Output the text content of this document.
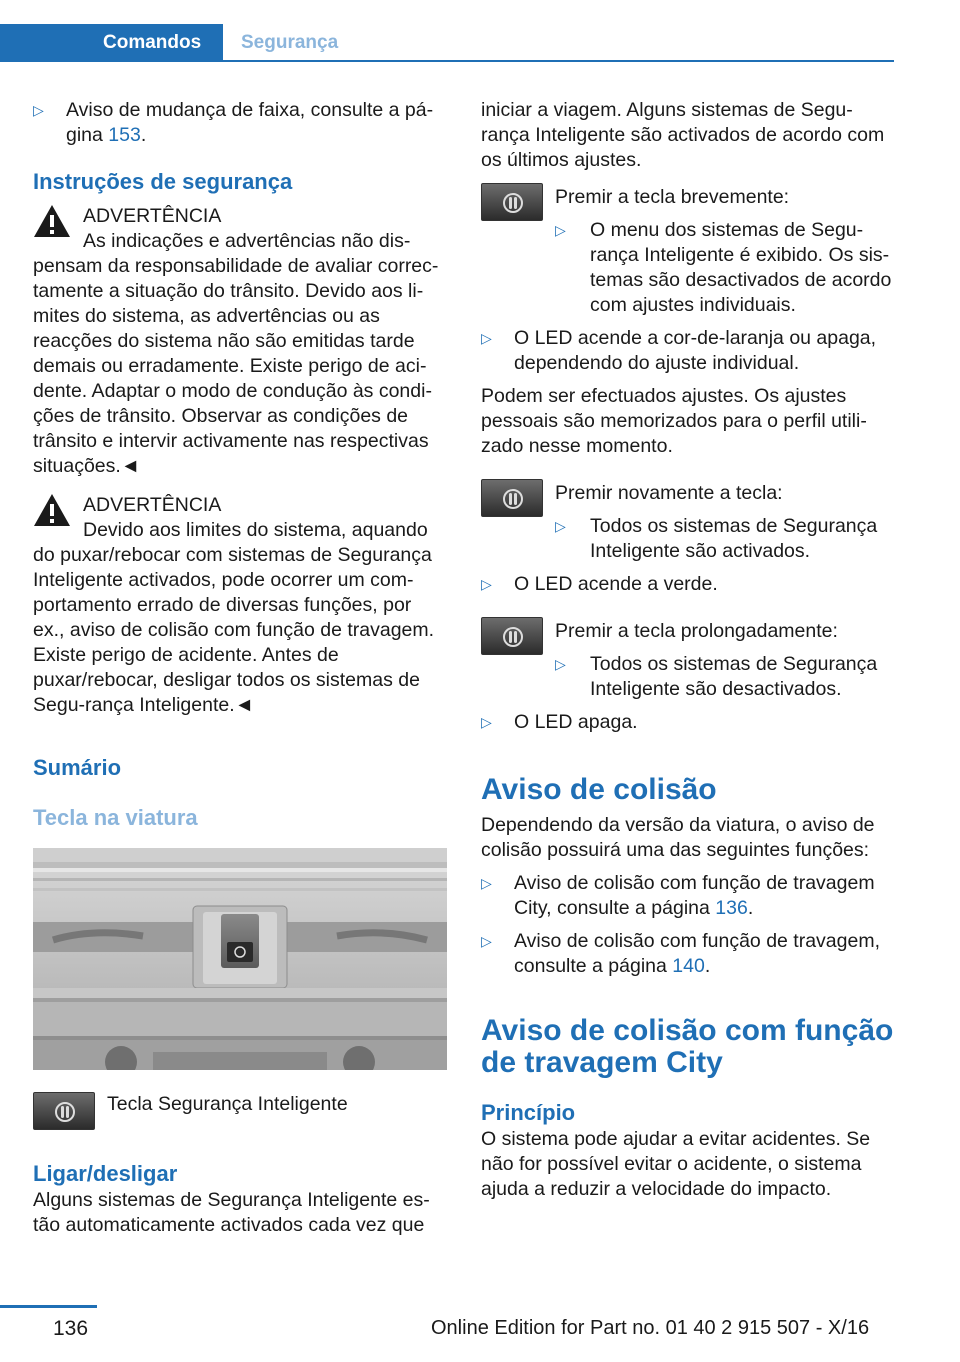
Comandos	Segurança

▷ Aviso de mudança de faixa, consulte a pá-gina 153.

Instruções de segurança
ADVERTÊNCIA

As indicações e advertências não dis-pensam da responsabilidade de avaliar correc-tamente a situação do trânsito. Devido aos li-mites do sistema, as advertências ou as reacções do sistema não são emitidas tarde demais ou erradamente. Existe perigo de aci-dente. Adaptar o modo de condução às condi-ções de trânsito. Observar as condições de trânsito e intervir activamente nas respectivas situações.◄

ADVERTÊNCIA

Devido aos limites do sistema, aquando do puxar/rebocar com sistemas de Segurança Inteligente activados, pode ocorrer um com-portamento errado de diversas funções, por ex., aviso de colisão com função de travagem. Existe perigo de acidente. Antes de puxar/rebocar, desligar todos os sistemas de Segu-rança Inteligente.◄

Sumário
Tecla na viatura

Tecla Segurança Inteligente

Ligar/desligar

Alguns sistemas de Segurança Inteligente es-tão automaticamente activados cada vez que

iniciar a viagem. Alguns sistemas de Segu-rança Inteligente são activados de acordo com os últimos ajustes.

Premir a tecla brevemente:

▷ O menu dos sistemas de Segu-rança Inteligente é exibido. Os sis-temas são desactivados de acordo com ajustes individuais.

▷ O LED acende a cor-de-laranja ou apaga, dependendo do ajuste individual.

Podem ser efectuados ajustes. Os ajustes pessoais são memorizados para o perfil utili-zado nesse momento.

Premir novamente a tecla:

▷ Todos os sistemas de Segurança Inteligente são activados.

▷ O LED acende a verde.

Premir a tecla prolongadamente:

▷ Todos os sistemas de Segurança Inteligente são desactivados.

▷ O LED apaga.

Aviso de colisão

Dependendo da versão da viatura, o aviso de colisão possuirá uma das seguintes funções:

▷ Aviso de colisão com função de travagem City, consulte a página 136.

▷ Aviso de colisão com função de travagem, consulte a página 140.

Aviso de colisão com função de travagem City
Princípio

O sistema pode ajudar a evitar acidentes. Se não for possível evitar o acidente, o sistema ajuda a reduzir a velocidade do impacto.

136	Online Edition for Part no. 01 40 2 915 507 - X/16
